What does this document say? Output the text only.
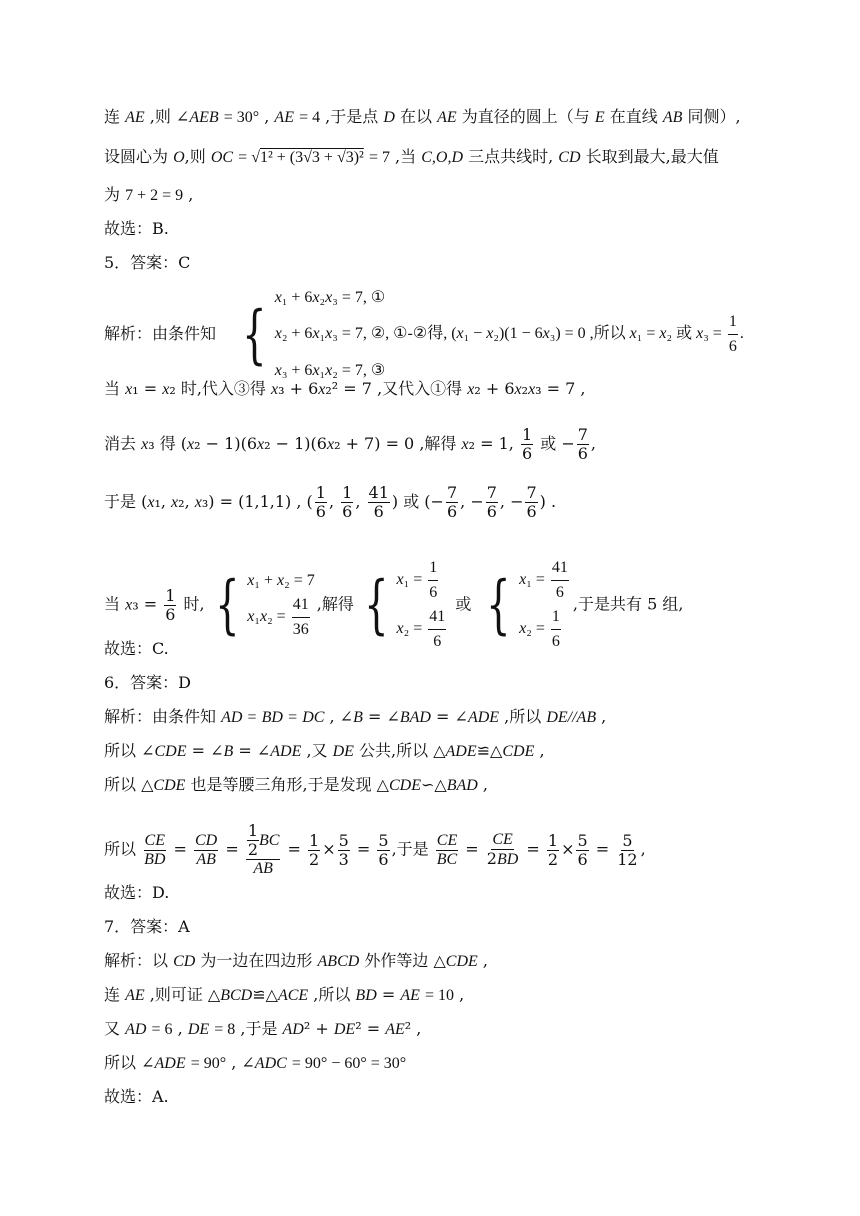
连 AE ,则 ∠AEB = 30° , AE = 4 ,于是点 D 在以 AE 为直径的圆上（与 E 在直线 AB 同侧）,
设圆心为 O,则 OC = √1² + (3√3 + √3)² = 7 ,当 C,O,D 三点共线时, CD 长取到最大,最大值
为 7 + 2 = 9 ,
故选：B.
5．答案：C
解析：由条件知 { x₁ + 6x₂x₃ = 7, ①
x₂ + 6x₁x₃ = 7, ②, ①-②得, (x₁ − x₂)(1 − 6x₃) = 0 ,所以 x₁ = x₂ 或 $x_3 = \frac{1}{6}$ .
x₃ + 6x₁x₂ = 7, ③
当 x₁ = x₂ 时,代入③得 x₃ + 6x₂² = 7 ,又代入①得 x₂ + 6x₂x₃ = 7 ,
消去 x₃ 得 (x₂ − 1)(6x₂ − 1)(6x₂ + 7) = 0 ,解得 x₂ = 1, $\frac{1}{6}$ 或 − $\frac{7}{6}$ ,
于是 (x₁, x₂, x₃) = (1,1,1) , ( $\frac{1}{6}$ , $\frac{1}{6}$ , $\frac{41}{6}$ ) 或 (− $\frac{7}{6}$ , − $\frac{7}{6}$ , − $\frac{7}{6}$ ) .
当 $x_3 = \frac{1}{6}$ 时, { x₁ + x₂ = 7
$x_1x_2 = \frac{41}{36}$ ,解得 { $x_1 = \frac{1}{6}$
$x_2 = \frac{41}{6}$
或 { $x_1 = \frac{41}{6}$
$x_2 = \frac{1}{6}$
,于是共有 5 组,
故选：C.
6．答案：D
解析：由条件知 AD = BD = DC , ∠B = ∠BAD = ∠ADE ,所以 DE//AB ,
所以 ∠CDE = ∠B = ∠ADE ,又 DE 公共,所以 △ADE≌△CDE ,
所以 △CDE 也是等腰三角形,于是发现 △CDE∽△BAD ,
所以 $\frac{CE}{BD} = \frac{CD}{AB} = \frac{\frac{1}{2} BC}{AB} = \frac{1}{2} \times \frac{5}{3} = \frac{5}{6}$ ,于是 $\frac{CE}{BC} = \frac{CE}{2BD} = \frac{1}{2} \times \frac{5}{6} = \frac{5}{12}$ ,
故选：D.
7．答案：A
解析：以 CD 为一边在四边形 ABCD 外作等边 △CDE ,
连 AE ,则可证 △BCD≌△ACE ,所以 BD = AE = 10 ,
又 AD = 6 , DE = 8 ,于是 AD² + DE² = AE² ,
所以 ∠ADE = 90° , ∠ADC = 90° − 60° = 30°
故选：A.
